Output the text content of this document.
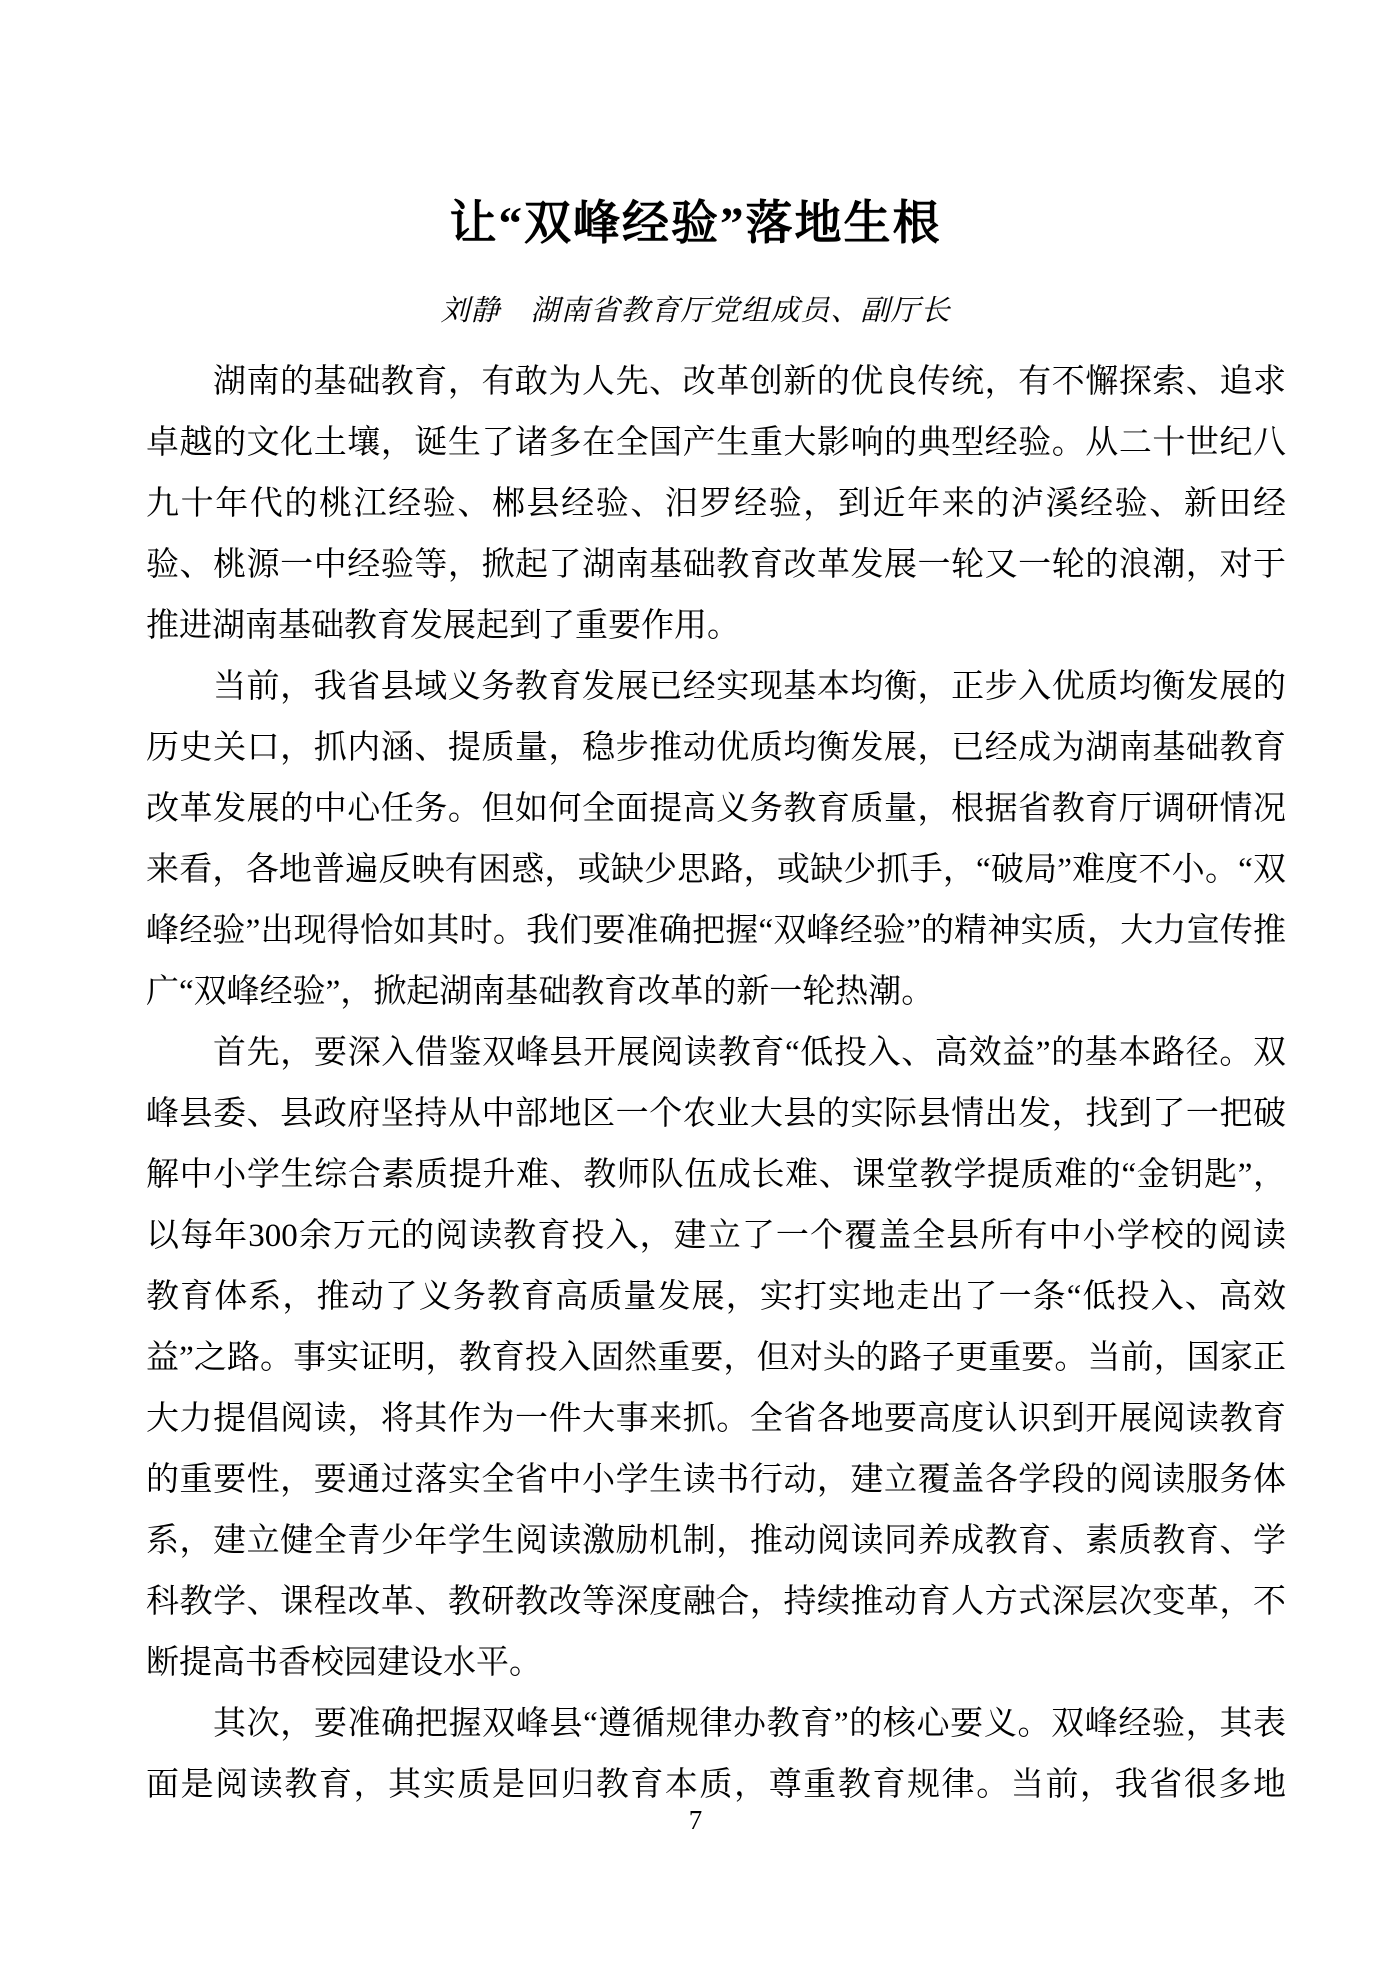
让“双峰经验”落地生根
刘静　湖南省教育厅党组成员、副厅长
湖南的基础教育，有敢为人先、改革创新的优良传统，有不懈探索、追求
卓越的文化土壤，诞生了诸多在全国产生重大影响的典型经验。从二十世纪八
九十年代的桃江经验、郴县经验、汨罗经验，到近年来的泸溪经验、新田经
验、桃源一中经验等，掀起了湖南基础教育改革发展一轮又一轮的浪潮，对于
推进湖南基础教育发展起到了重要作用。
当前，我省县域义务教育发展已经实现基本均衡，正步入优质均衡发展的
历史关口，抓内涵、提质量，稳步推动优质均衡发展，已经成为湖南基础教育
改革发展的中心任务。但如何全面提高义务教育质量，根据省教育厅调研情况
来看，各地普遍反映有困惑，或缺少思路，或缺少抓手，“破局”难度不小。“双
峰经验”出现得恰如其时。我们要准确把握“双峰经验”的精神实质，大力宣传推
广“双峰经验”，掀起湖南基础教育改革的新一轮热潮。
首先，要深入借鉴双峰县开展阅读教育“低投入、高效益”的基本路径。双
峰县委、县政府坚持从中部地区一个农业大县的实际县情出发，找到了一把破
解中小学生综合素质提升难、教师队伍成长难、课堂教学提质难的“金钥匙”，
以每年300余万元的阅读教育投入，建立了一个覆盖全县所有中小学校的阅读
教育体系，推动了义务教育高质量发展，实打实地走出了一条“低投入、高效
益”之路。事实证明，教育投入固然重要，但对头的路子更重要。当前，国家正
大力提倡阅读，将其作为一件大事来抓。全省各地要高度认识到开展阅读教育
的重要性，要通过落实全省中小学生读书行动，建立覆盖各学段的阅读服务体
系，建立健全青少年学生阅读激励机制，推动阅读同养成教育、素质教育、学
科教学、课程改革、教研教改等深度融合，持续推动育人方式深层次变革，不
断提高书香校园建设水平。
其次，要准确把握双峰县“遵循规律办教育”的核心要义。双峰经验，其表
面是阅读教育，其实质是回归教育本质，尊重教育规律。当前，我省很多地
7
